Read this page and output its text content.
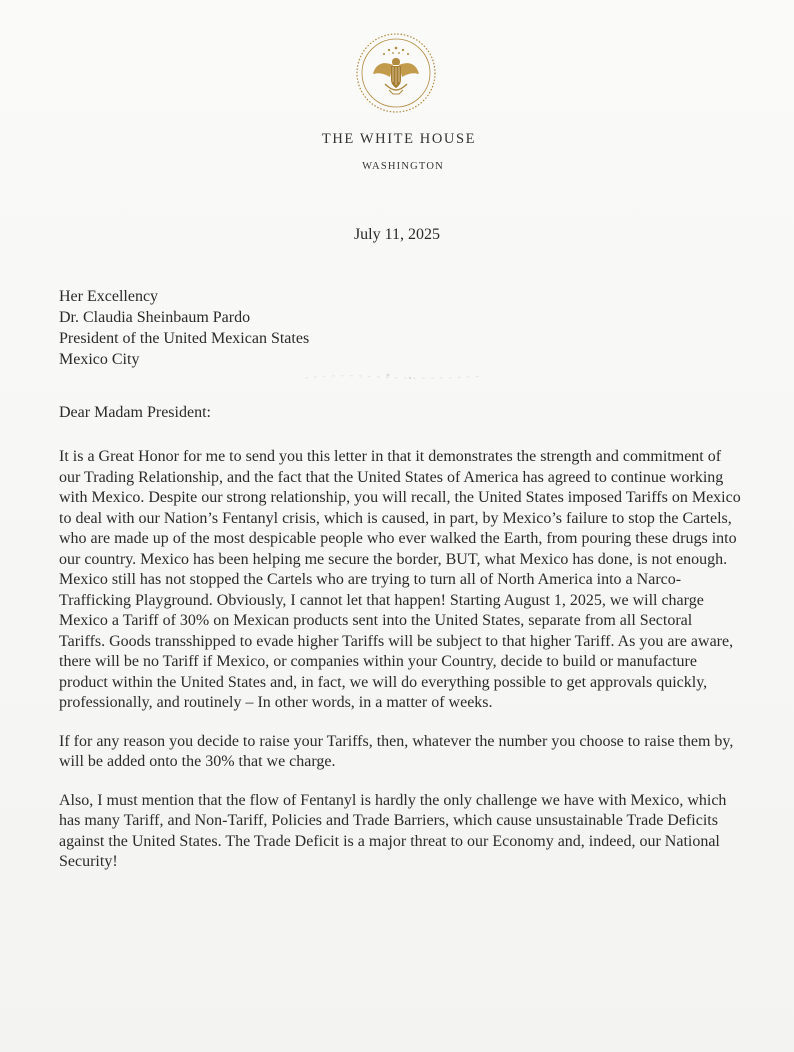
THE WHITE HOUSE
WASHINGTON
July 11, 2025
Her Excellency
Dr. Claudia Sheinbaum Pardo
President of the United Mexican States
Mexico City
Dear Madam President:

It is a Great Honor for me to send you this letter in that it demonstrates the strength and commitment of our Trading Relationship, and the fact that the United States of America has agreed to continue working with Mexico. Despite our strong relationship, you will recall, the United States imposed Tariffs on Mexico to deal with our Nation’s Fentanyl crisis, which is caused, in part, by Mexico’s failure to stop the Cartels, who are made up of the most despicable people who ever walked the Earth, from pouring these drugs into our country. Mexico has been helping me secure the border, BUT, what Mexico has done, is not enough. Mexico still has not stopped the Cartels who are trying to turn all of North America into a Narco-Trafficking Playground. Obviously, I cannot let that happen! Starting August 1, 2025, we will charge Mexico a Tariff of 30% on Mexican products sent into the United States, separate from all Sectoral Tariffs. Goods transshipped to evade higher Tariffs will be subject to that higher Tariff. As you are aware, there will be no Tariff if Mexico, or companies within your Country, decide to build or manufacture product within the United States and, in fact, we will do everything possible to get approvals quickly, professionally, and routinely – In other words, in a matter of weeks.

If for any reason you decide to raise your Tariffs, then, whatever the number you choose to raise them by, will be added onto the 30% that we charge.

Also, I must mention that the flow of Fentanyl is hardly the only challenge we have with Mexico, which has many Tariff, and Non-Tariff, Policies and Trade Barriers, which cause unsustainable Trade Deficits against the United States. The Trade Deficit is a major threat to our Economy and, indeed, our National Security!
